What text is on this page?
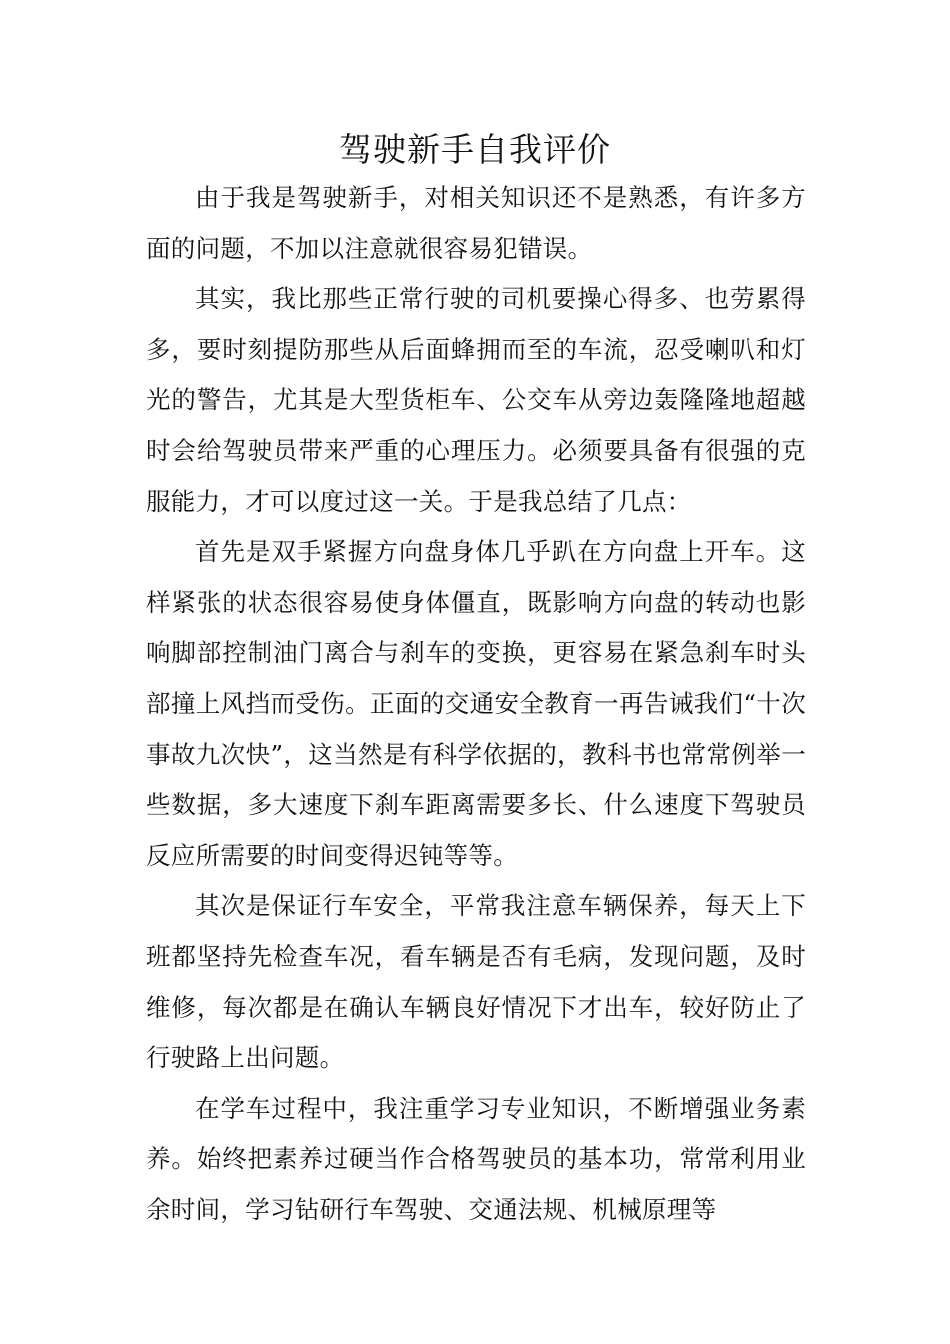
驾驶新手自我评价

由于我是驾驶新手，对相关知识还不是熟悉，有许多方面的问题，不加以注意就很容易犯错误。

其实，我比那些正常行驶的司机要操心得多、也劳累得多，要时刻提防那些从后面蜂拥而至的车流，忍受喇叭和灯光的警告，尤其是大型货柜车、公交车从旁边轰隆隆地超越时会给驾驶员带来严重的心理压力。必须要具备有很强的克服能力，才可以度过这一关。于是我总结了几点：

首先是双手紧握方向盘身体几乎趴在方向盘上开车。这样紧张的状态很容易使身体僵直，既影响方向盘的转动也影响脚部控制油门离合与刹车的变换，更容易在紧急刹车时头部撞上风挡而受伤。正面的交通安全教育一再告诫我们“十次事故九次快”，这当然是有科学依据的，教科书也常常例举一些数据，多大速度下刹车距离需要多长、什么速度下驾驶员反应所需要的时间变得迟钝等等。

其次是保证行车安全，平常我注意车辆保养，每天上下班都坚持先检查车况，看车辆是否有毛病，发现问题，及时维修，每次都是在确认车辆良好情况下才出车，较好防止了行驶路上出问题。

在学车过程中，我注重学习专业知识，不断增强业务素养。始终把素养过硬当作合格驾驶员的基本功，常常利用业余时间，学习钻研行车驾驶、交通法规、机械原理等
